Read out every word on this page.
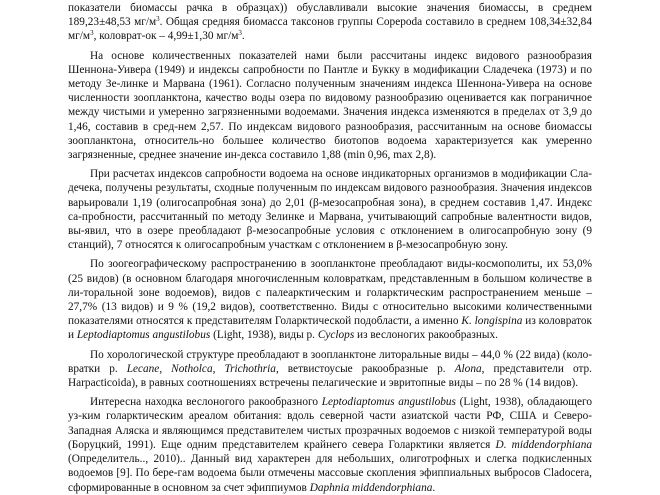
показатели биомассы рачка в образцах)) обуславливали высокие значения биомассы, в среднем 189,23±48,53 $мг/м^3$. Общая средняя биомасса таксонов группы Copepoda составило в среднем 108,34±32,84 $мг/м^3$, коловрат-ок – 4,99±1,30 $мг/м^3$.

На основе количественных показателей нами были рассчитаны индекс видового разнообразия Шеннона-Уивера (1949) и индексы сапробности по Пантле и Букку в модификации Сладечека (1973) и по методу Зе-линке и Марвана (1961). Согласно полученным значениям индекса Шеннона-Уивера на основе численности зоопланктона, качество воды озера по видовому разнообразию оценивается как пограничное между чистыми и умеренно загрязненными водоемами. Значения индекса изменяются в пределах от 3,9 до 1,46, составив в сред-нем 2,57. По индексам видового разнообразия, рассчитанным на основе биомассы зоопланктона, относитель-но большее количество биотопов водоема характеризуется как умеренно загрязненные, среднее значение ин-декса составило 1,88 (min 0,96, max 2,8).

При расчетах индексов сапробности водоема на основе индикаторных организмов в модификации Сла-дечека, получены результаты, сходные полученным по индексам видового разнообразия. Значения индексов варьировали 1,19 (олигосапробная зона) до 2,01 (β-мезосапробная зона), в среднем составив 1,47. Индекс са-пробности, рассчитанный по методу Зелинке и Марвана, учитывающий сапробные валентности видов, вы-явил, что в озере преобладают β-мезосапробные условия с отклонением в олигосапробную зону (9 станций), 7 относятся к олигосапробным участкам с отклонением в β-мезосапробную зону.

По зоогеографическому распространению в зоопланктоне преобладают виды-космополиты, их 53,0% (25 видов) (в основном благодаря многочисленным коловраткам, представленным в большом количестве в ли-торальной зоне водоемов), видов с палеарктическим и голарктическим распространением меньше – 27,7% (13 видов) и 9 % (19,2 видов), соответственно. Виды с относительно высокими количественными показателями относятся к представителям Голарктической подобласти, а именно K. longispina из коловраток и Leptodiaptomus angustilobus (Light, 1938), виды р. Cyclops из веслоногих ракообразных.

По хорологической структуре преобладают в зоопланктоне литоральные виды – 44,0 % (22 вида) (коло-вратки р. Lecane, Notholca, Trichothria, ветвистоусые ракообразные р. Alona, представители отр. Harpacticoida), в равных соотношениях встречены пелагические и эвритопные виды – по 28 % (14 видов).

Интересна находка веслоногого ракообразного Leptodiaptomus angustilobus (Light, 1938), обладающего уз-ким голарктическим ареалом обитания: вдоль северной части азиатской части РФ, США и Северо-Западная Аляска и являющимся представителем чистых прозрачных водоемов с низкой температурой воды (Боруцкий, 1991). Еще одним представителем крайнего севера Голарктики является D. middendorphiana (Определитель.., 2010).. Данный вид характерен для небольших, олиготрофных и слегка подкисленных водоемов [9]. По бере-гам водоема были отмечены массовые скопления эфиппиальных выбросов Cladocera, сформированные в основном за счет эфиппиумов Daphnia middendorphiana.
